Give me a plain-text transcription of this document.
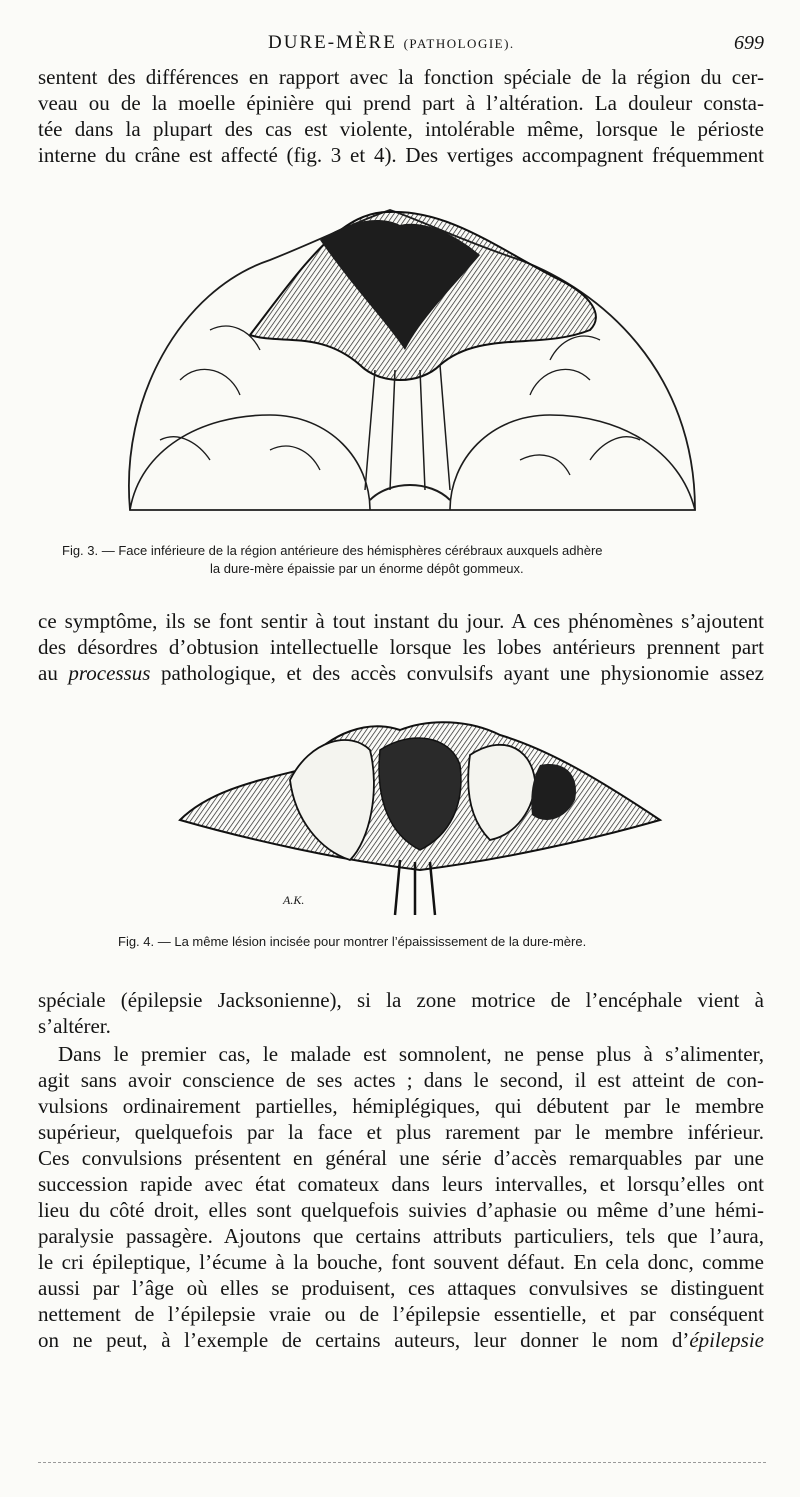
DURE-MÈRE (PATHOLOGIE).	699
sentent des différences en rapport avec la fonction spéciale de la région du cer-
veau ou de la moelle épinière qui prend part à l’altération. La douleur consta-
tée dans la plupart des cas est violente, intolérable même, lorsque le périoste
interne du crâne est affecté (fig. 3 et 4). Des vertiges accompagnent fréquemment
Fig. 3. — Face inférieure de la région antérieure des hémisphères cérébraux auxquels adhère
la dure-mère épaissie par un énorme dépôt gommeux.
ce symptôme, ils se font sentir à tout instant du jour. A ces phénomènes s’ajoutent
des désordres d’obtusion intellectuelle lorsque les lobes antérieurs prennent part
au processus pathologique, et des accès convulsifs ayant une physionomie assez
A.K.
Fig. 4. — La même lésion incisée pour montrer l’épaississement de la dure-mère.
spéciale (épilepsie Jacksonienne), si la zone motrice de l’encéphale vient à
s’altérer.
Dans le premier cas, le malade est somnolent, ne pense plus à s’alimenter,
agit sans avoir conscience de ses actes ; dans le second, il est atteint de con-
vulsions ordinairement partielles, hémiplégiques, qui débutent par le membre
supérieur, quelquefois par la face et plus rarement par le membre inférieur.
Ces convulsions présentent en général une série d’accès remarquables par une
succession rapide avec état comateux dans leurs intervalles, et lorsqu’elles ont
lieu du côté droit, elles sont quelquefois suivies d’aphasie ou même d’une hémi-
paralysie passagère. Ajoutons que certains attributs particuliers, tels que l’aura,
le cri épileptique, l’écume à la bouche, font souvent défaut. En cela donc, comme
aussi par l’âge où elles se produisent, ces attaques convulsives se distinguent
nettement de l’épilepsie vraie ou de l’épilepsie essentielle, et par conséquent
on ne peut, à l’exemple de certains auteurs, leur donner le nom d’épilepsie
